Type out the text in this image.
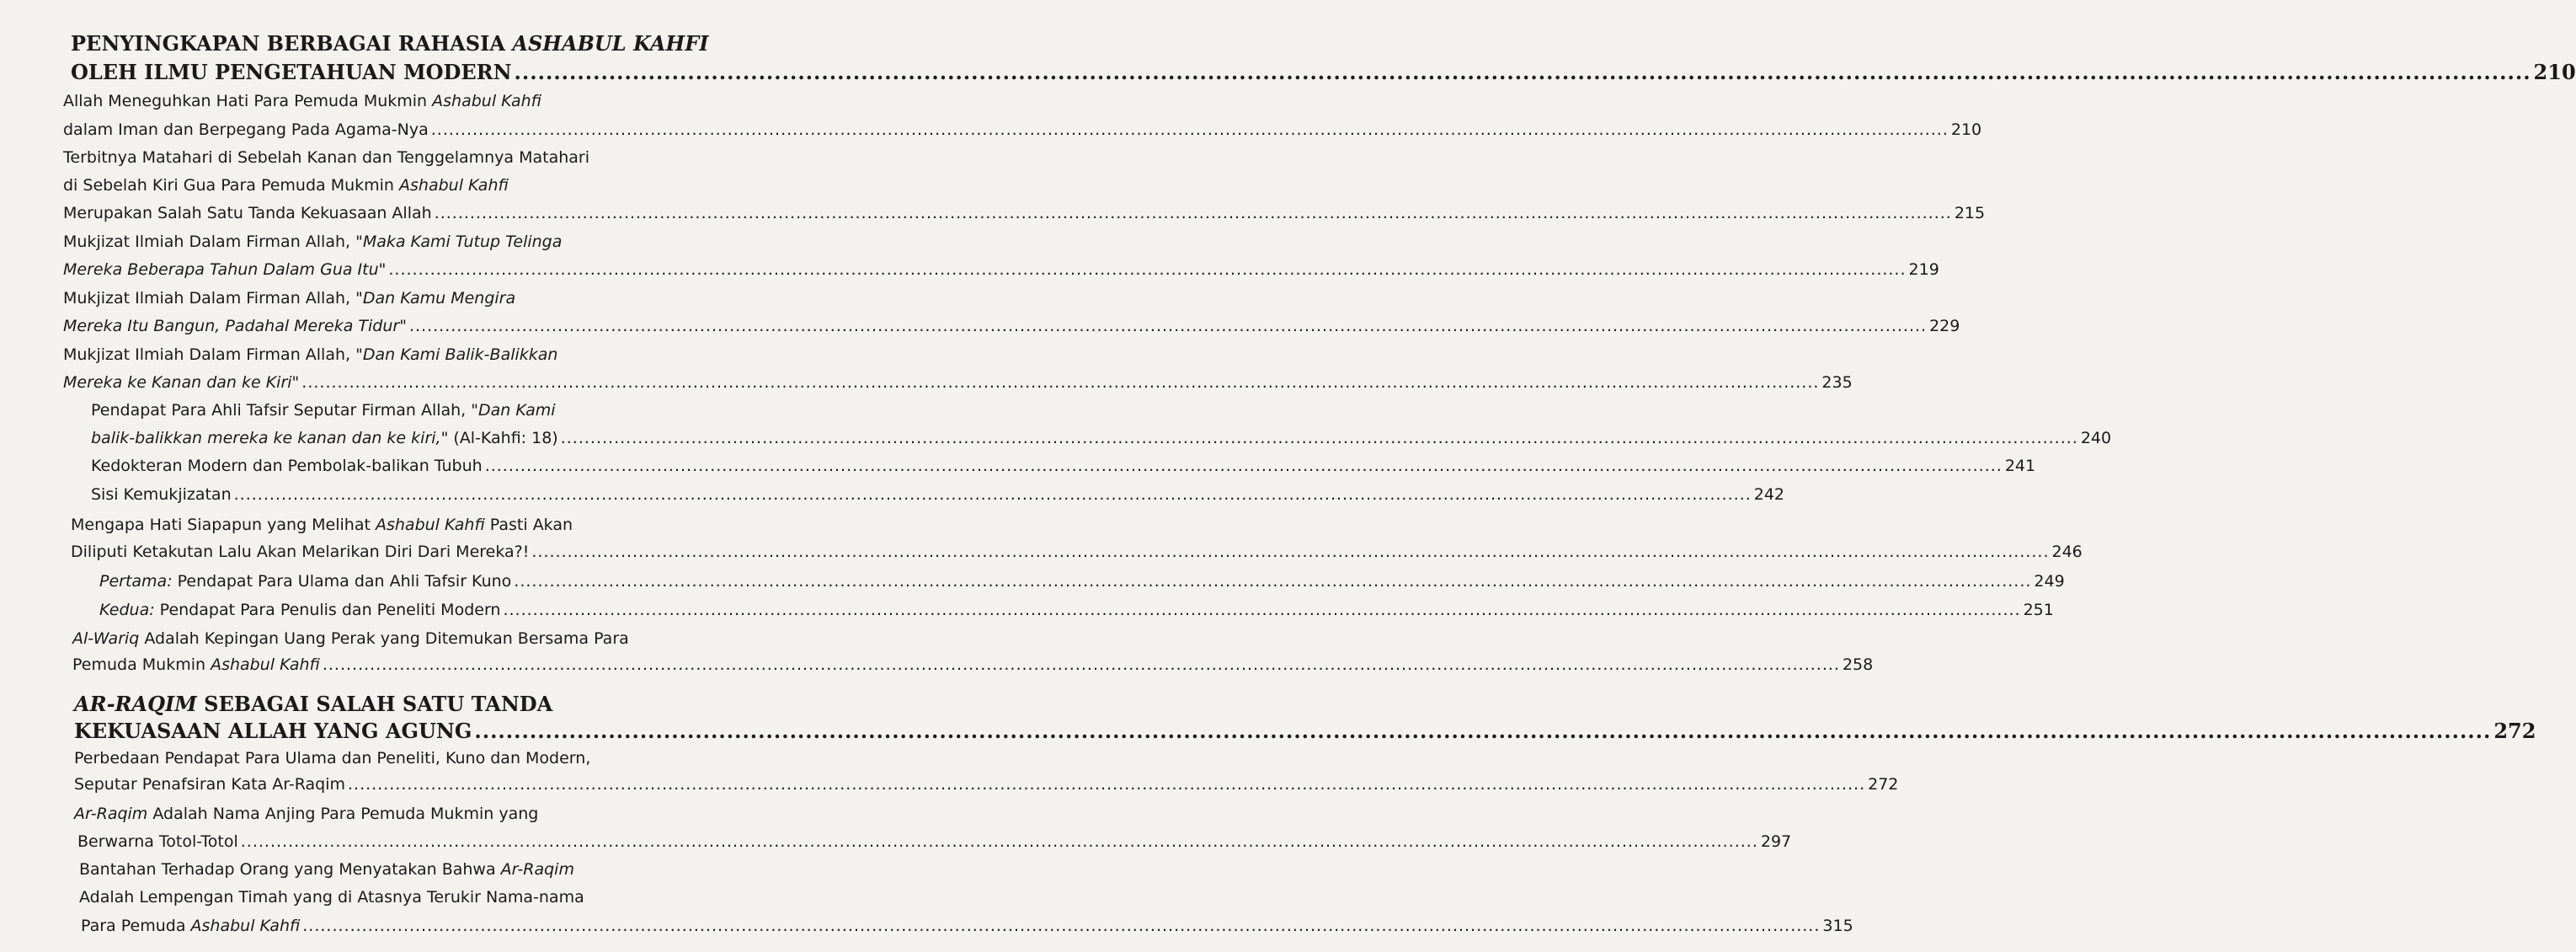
PENYINGKAPAN BERBAGAI RAHASIA ASHABUL KAHFI
OLEH ILMU PENGETAHUAN MODERN .....	210
Allah Meneguhkan Hati Para Pemuda Mukmin Ashabul Kahfi
dalam Iman dan Berpegang Pada Agama-Nya .....	210
Terbitnya Matahari di Sebelah Kanan dan Tenggelamnya Matahari
di Sebelah Kiri Gua Para Pemuda Mukmin Ashabul Kahfi
Merupakan Salah Satu Tanda Kekuasaan Allah .....	215
Mukjizat Ilmiah Dalam Firman Allah, "Maka Kami Tutup Telinga
Mereka Beberapa Tahun Dalam Gua Itu" .....	219
Mukjizat Ilmiah Dalam Firman Allah, "Dan Kamu Mengira
Mereka Itu Bangun, Padahal Mereka Tidur" .....	229
Mukjizat Ilmiah Dalam Firman Allah, "Dan Kami Balik-Balikkan
Mereka ke Kanan dan ke Kiri" .....	235
Pendapat Para Ahli Tafsir Seputar Firman Allah, "Dan Kami
balik-balikkan mereka ke kanan dan ke kiri," (Al-Kahfi: 18) .....	240
Kedokteran Modern dan Pembolak-balikan Tubuh .....	241
Sisi Kemukjizatan .....	242
Mengapa Hati Siapapun yang Melihat Ashabul Kahfi Pasti Akan
Diliputi Ketakutan Lalu Akan Melarikan Diri Dari Mereka?! .....	246
Pertama: Pendapat Para Ulama dan Ahli Tafsir Kuno .....	249
Kedua: Pendapat Para Penulis dan Peneliti Modern .....	251
Al-Wariq Adalah Kepingan Uang Perak yang Ditemukan Bersama Para
Pemuda Mukmin Ashabul Kahfi .....	258
AR-RAQIM SEBAGAI SALAH SATU TANDA
KEKUASAAN ALLAH YANG AGUNG .....	272
Perbedaan Pendapat Para Ulama dan Peneliti, Kuno dan Modern,
Seputar Penafsiran Kata Ar-Raqim .....	272
Ar-Raqim Adalah Nama Anjing Para Pemuda Mukmin yang
Berwarna Totol-Totol .....	297
Bantahan Terhadap Orang yang Menyatakan Bahwa Ar-Raqim
Adalah Lempengan Timah yang di Atasnya Terukir Nama-nama
Para Pemuda Ashabul Kahfi .....	315
